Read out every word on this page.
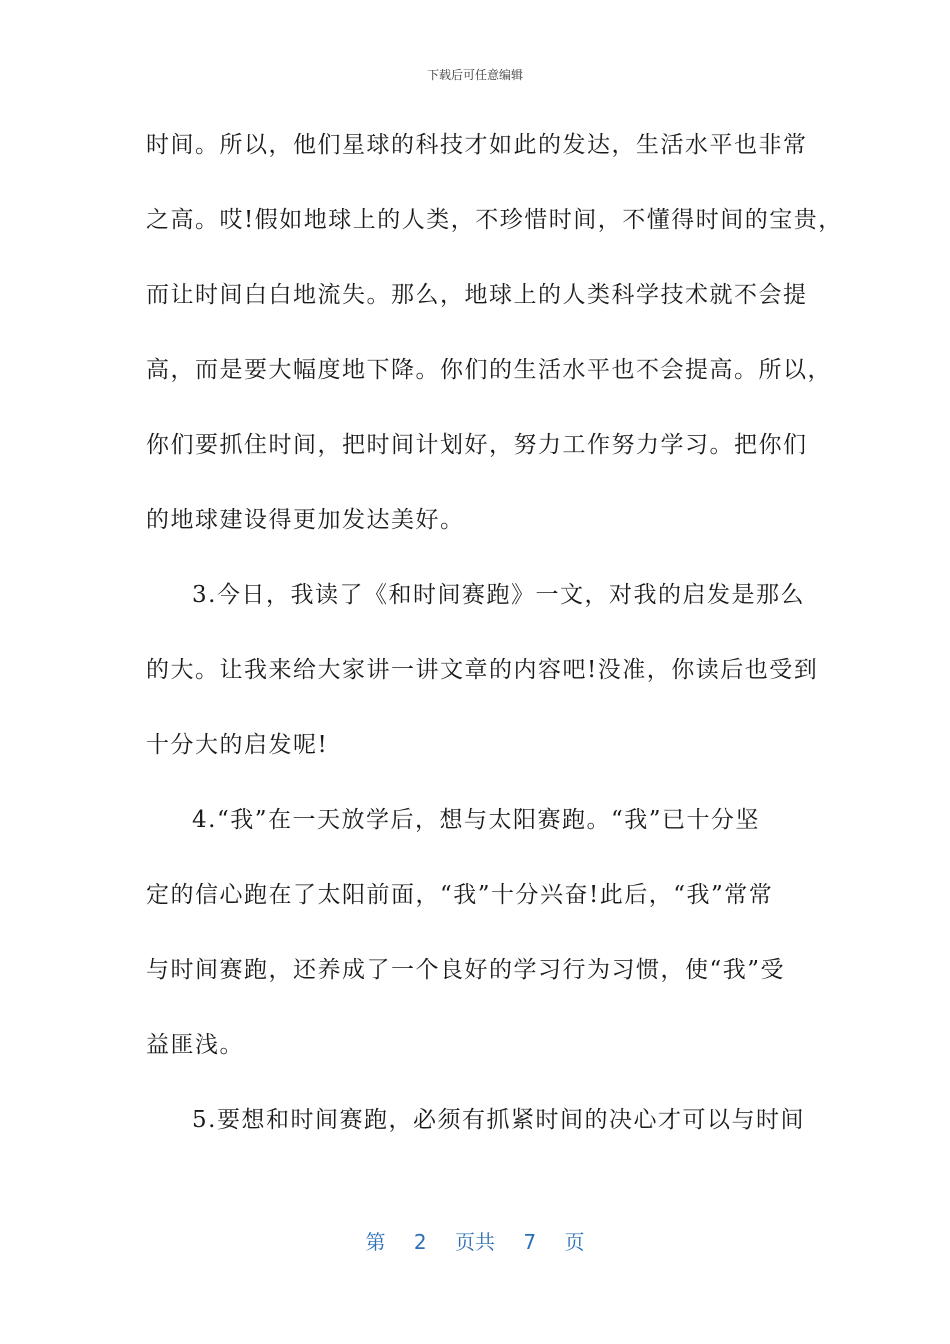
下载后可任意编辑
时间。所以，他们星球的科技才如此的发达，生活水平也非常
之高。哎!假如地球上的人类，不珍惜时间，不懂得时间的宝贵，
而让时间白白地流失。那么，地球上的人类科学技术就不会提
高，而是要大幅度地下降。你们的生活水平也不会提高。所以，
你们要抓住时间，把时间计划好，努力工作努力学习。把你们
的地球建设得更加发达美好。
3.今日，我读了《和时间赛跑》一文，对我的启发是那么
的大。让我来给大家讲一讲文章的内容吧!没准，你读后也受到
十分大的启发呢!
4.“我”在一天放学后，想与太阳赛跑。“我”已十分坚
定的信心跑在了太阳前面，“我”十分兴奋!此后，“我”常常
与时间赛跑，还养成了一个良好的学习行为习惯，使“我”受
益匪浅。
5.要想和时间赛跑，必须有抓紧时间的决心才可以与时间
第 2 页共 7 页
